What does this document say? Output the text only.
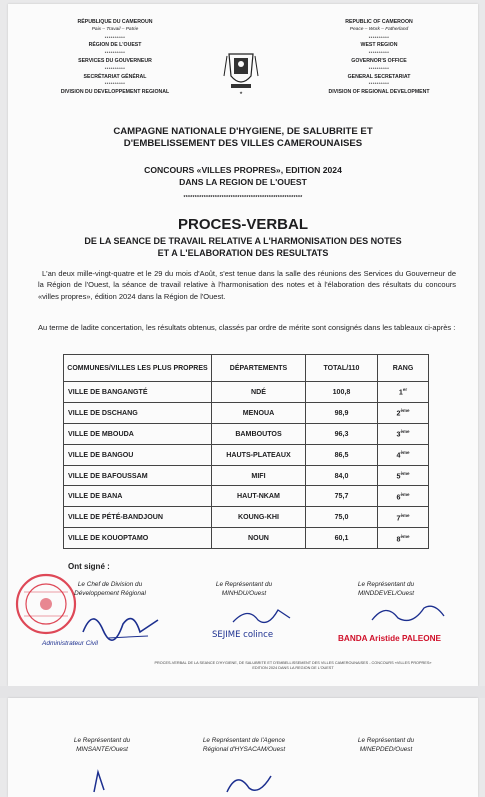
RÉPUBLIQUE DU CAMEROUN
Paix – Travail – Patrie
**********
RÉGION DE L'OUEST
**********
SERVICES DU GOUVERNEUR
**********
SECRÉTARIAT GÉNÉRAL
**********
DIVISION DU DEVELOPPEMENT REGIONAL
REPUBLIC OF CAMEROON
Peace – Work – Fatherland
**********
WEST REGION
**********
GOVERNOR'S OFFICE
**********
GENERAL SECRETARIAT
**********
DIVISION OF REGIONAL DEVELOPMENT
★
CAMPAGNE NATIONALE D'HYGIENE, DE SALUBRITE ET
D'EMBELISSEMENT DES VILLES CAMEROUNAISES
CONCOURS «VILLES PROPRES», EDITION 2024
DANS LA REGION DE L'OUEST
*****************************************************
PROCES-VERBAL
DE LA SEANCE DE TRAVAIL RELATIVE A L'HARMONISATION DES NOTES
ET A L'ELABORATION DES RESULTATS

L'an deux mille-vingt-quatre et le 29 du mois d'Août, s'est tenue dans la salle des réunions des Services du Gouverneur de la Région de l'Ouest, la séance de travail relative à l'harmonisation des notes et à l'élaboration des résultats du concours «villes propres», édition 2024 dans la Région de l'Ouest.

Au terme de ladite concertation, les résultats obtenus, classés par ordre de mérite sont consignés dans les tableaux ci-après :

COMMUNES/VILLES LES PLUS PROPRES	DÉPARTEMENTS	TOTAL/110	RANG
VILLE DE BANGANGTÉ	NDÉ	100,8	1er
VILLE DE DSCHANG	MENOUA	98,9	2ème
VILLE DE MBOUDA	BAMBOUTOS	96,3	3ème
VILLE DE BANGOU	HAUTS-PLATEAUX	86,5	4ème
VILLE DE BAFOUSSAM	MIFI	84,0	5ème
VILLE DE BANA	HAUT-NKAM	75,7	6ème
VILLE DE PÉTÉ-BANDJOUN	KOUNG-KHI	75,0	7ème
VILLE DE KOUOPTAMO	NOUN	60,1	8ème
Ont signé :
Le Chef de Division du
Développement Régional
Le Représentant du
MINHDU/Ouest
Le Représentant du
MINDDEVEL/Ouest
Administrateur Civil
SEJIME colince	BANDA Aristide PALEONE
PROCES-VERBAL DE LA SEANCE D'HYGIENE, DE SALUBRITE ET D'EMBELLISSEMENT DES VILLES CAMEROUNAISES - CONCOURS «VILLES PROPRES»
EDITION 2024 DANS LA REGION DE L'OUEST
Le Représentant du
MINSANTE/Ouest
Le Représentant de l'Agence
Régional d'HYSACAM/Ouest
Le Représentant du
MINEPDED/Ouest
